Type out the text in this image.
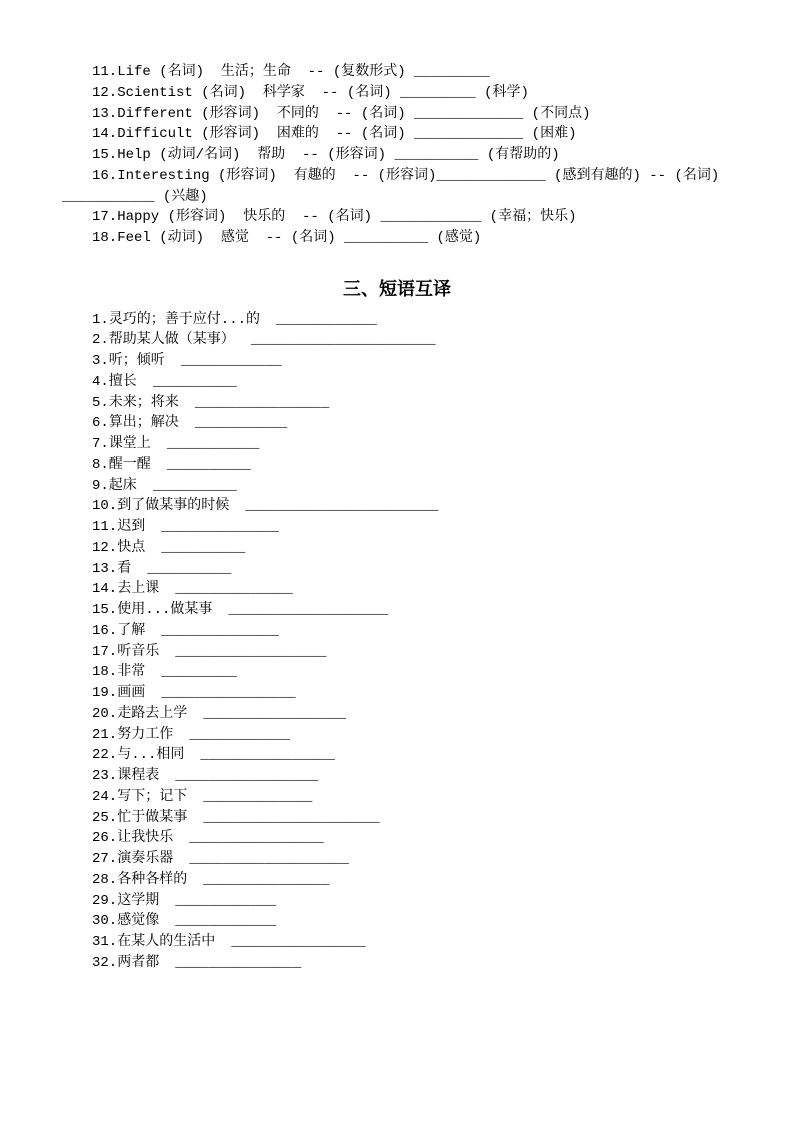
11.Life (名词)  生活；生命  -- (复数形式) _________
12.Scientist (名词)  科学家  -- (名词) _________ (科学)
13.Different (形容词)  不同的  -- (名词) _____________ (不同点)
14.Difficult (形容词)  困难的  -- (名词) _____________ (困难)
15.Help (动词/名词)  帮助  -- (形容词) __________ (有帮助的)
16.Interesting (形容词)  有趣的  -- (形容词) _____________ (感到有趣的) -- (名词)
___________ (兴趣)
17.Happy (形容词)  快乐的  -- (名词) ____________ (幸福；快乐)
18.Feel (动词)  感觉  -- (名词) __________ (感觉)
三、短语互译
1.灵巧的；善于应付...的 ____________
2.帮助某人做（某事） ______________________
3.听；倾听 ____________
4.擅长 __________
5.未来；将来 ________________
6.算出；解决 ___________
7.课堂上 ___________
8.醒一醒 __________
9.起床 __________
10.到了做某事的时候 _______________________
11.迟到 ______________
12.快点 __________
13.看 __________
14.去上课 ______________
15.使用...做某事 ___________________
16.了解 ______________
17.听音乐 __________________
18.非常 _________
19.画画 ________________
20.走路去上学 _________________
21.努力工作 ____________
22.与...相同 ________________
23.课程表 _________________
24.写下；记下 _____________
25.忙于做某事 _____________________
26.让我快乐 ________________
27.演奏乐器 ___________________
28.各种各样的 _______________
29.这学期 ____________
30.感觉像 ____________
31.在某人的生活中 ________________
32.两者都 _______________
